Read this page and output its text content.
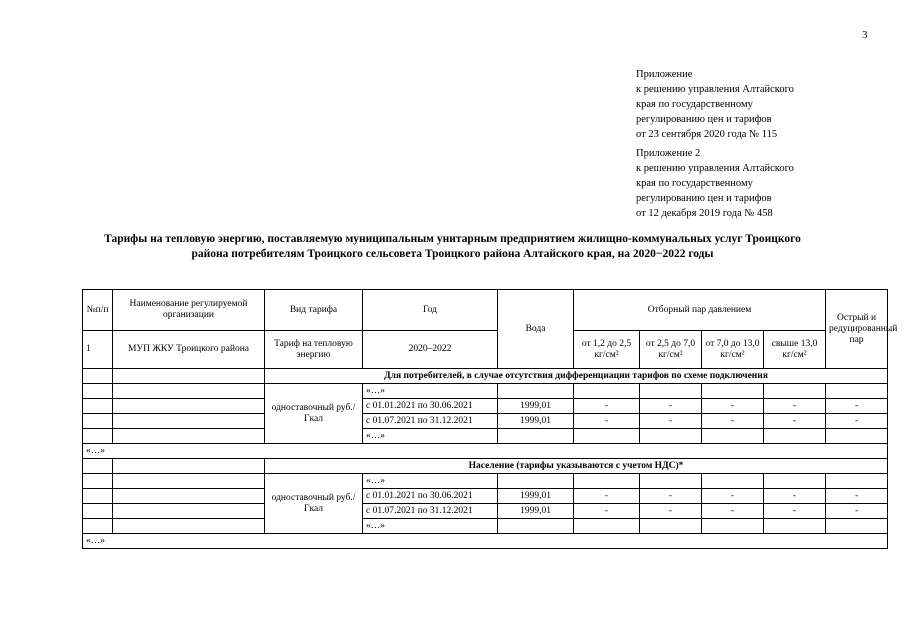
3
Приложение
к решению управления Алтайского
края по государственному
регулированию цен и тарифов
от 23 сентября 2020 года № 115
Приложение 2
к решению управления Алтайского
края по государственному
регулированию цен и тарифов
от 12 декабря 2019 года № 458
Тарифы на тепловую энергию, поставляемую муниципальным унитарным предприятием жилищно-коммунальных услуг Троицкого
района потребителям Троицкого сельсовета Троицкого района Алтайского края, на 2020−2022 годы
№п/п	Наименование регулируемой организации	Вид тарифа	Год	Вода	Отборный пар давлением				Острый и редуцированный пар
1	МУП ЖКУ Троицкого района	Тариф на тепловую энергию	2020–2022		от 1,2 до 2,5 кг/см²	от 2,5 до 7,0 кг/см²	от 7,0 до 13,0 кг/см²	свыше 13,0 кг/см²	
		Для потребителей, в случае отсутствия дифференциации тарифов по схеме подключения							
		одноставочный руб./Гкал	«…»						
			с 01.01.2021 по 30.06.2021	1999,01	-	-	-	-	-
			с 01.07.2021 по 31.12.2021	1999,01	-	-	-	-	-
			«…»						
«…»									
		Население (тарифы указываются с учетом НДС)*							
		одноставочный руб./Гкал	«…»						
			с 01.01.2021 по 30.06.2021	1999,01	-	-	-	-	-
			с 01.07.2021 по 31.12.2021	1999,01	-	-	-	-	-
			«…»						
«…»									
